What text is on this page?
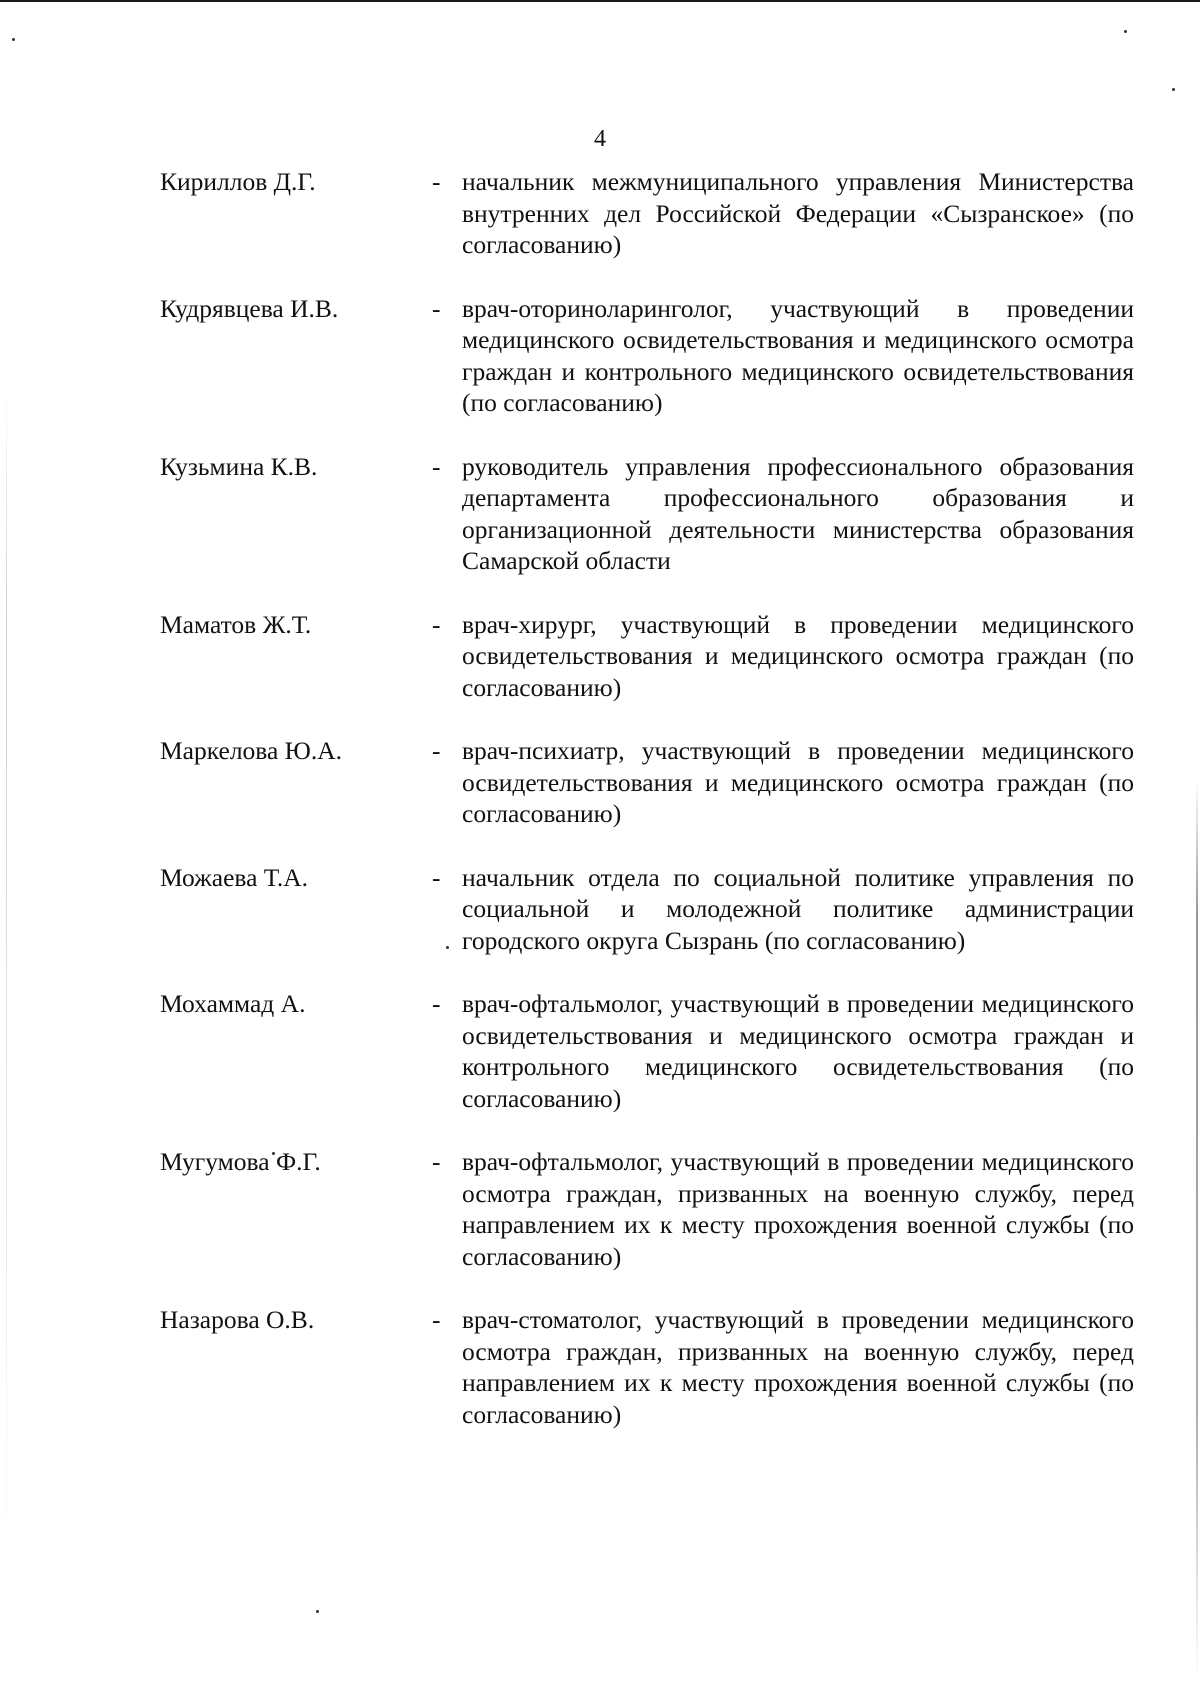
4
Кириллов Д.Г.	- начальник межмуниципального управления Министерства внутренних дел Российской Федерации «Сызранское» (по согласованию)
Кудрявцева И.В.	- врач-оториноларинголог, участвующий в проведении медицинского освидетельствования и медицинского осмотра граждан и контрольного медицинского освидетельствования (по согласованию)
Кузьмина К.В.	- руководитель управления профессионального образования департамента профессионального образования и организационной деятельности министерства образования Самарской области
Маматов Ж.Т.	- врач-хирург, участвующий в проведении медицинского освидетельствования и медицинского осмотра граждан (по согласованию)
Маркелова Ю.А.	- врач-психиатр, участвующий в проведении медицинского освидетельствования и медицинского осмотра граждан (по согласованию)
Можаева Т.А.	- начальник отдела по социальной политике управления по социальной и молодежной политике администрации городского округа Сызрань (по согласованию)
Мохаммад А.	- врач-офтальмолог, участвующий в проведении медицинского освидетельствования и медицинского осмотра граждан и контрольного медицинского освидетельствования (по согласованию)
Мугумова Ф.Г.	- врач-офтальмолог, участвующий в проведении медицинского осмотра граждан, призванных на военную службу, перед направлением их к месту прохождения военной службы (по согласованию)
Назарова О.В.	- врач-стоматолог, участвующий в проведении медицинского осмотра граждан, призванных на военную службу, перед направлением их к месту прохождения военной службы (по согласованию)
